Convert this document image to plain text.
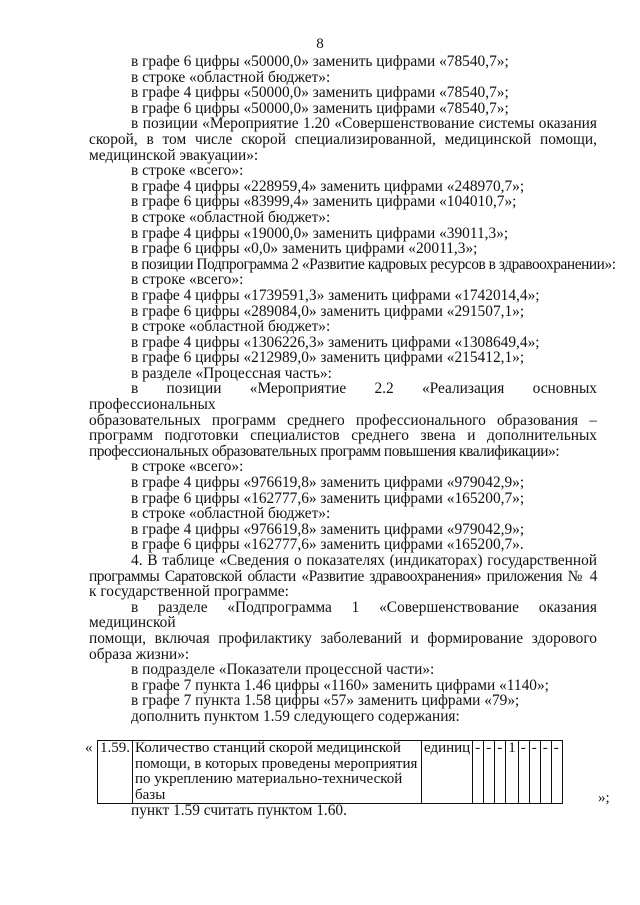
8
в графе 6 цифры «50000,0» заменить цифрами «78540,7»;
в строке «областной бюджет»:
в графе 4 цифры «50000,0» заменить цифрами «78540,7»;
в графе 6 цифры «50000,0» заменить цифрами «78540,7»;
в позиции «Мероприятие 1.20 «Совершенствование системы оказания
скорой, в том числе скорой специализированной, медицинской помощи,
медицинской эвакуации»:
в строке «всего»:
в графе 4 цифры «228959,4» заменить цифрами «248970,7»;
в графе 6 цифры «83999,4» заменить цифрами «104010,7»;
в строке «областной бюджет»:
в графе 4 цифры «19000,0» заменить цифрами «39011,3»;
в графе 6 цифры «0,0» заменить цифрами «20011,3»;
в позиции Подпрограмма 2 «Развитие кадровых ресурсов в здравоохранении»:
в строке «всего»:
в графе 4 цифры «1739591,3» заменить цифрами «1742014,4»;
в графе 6 цифры «289084,0» заменить цифрами «291507,1»;
в строке «областной бюджет»:
в графе 4 цифры «1306226,3» заменить цифрами «1308649,4»;
в графе 6 цифры «212989,0» заменить цифрами «215412,1»;
в разделе «Процессная часть»:
в позиции «Мероприятие 2.2 «Реализация основных профессиональных
образовательных программ среднего профессионального образования –
программ подготовки специалистов среднего звена и дополнительных
профессиональных образовательных программ повышения квалификации»:
в строке «всего»:
в графе 4 цифры «976619,8» заменить цифрами «979042,9»;
в графе 6 цифры «162777,6» заменить цифрами «165200,7»;
в строке «областной бюджет»:
в графе 4 цифры «976619,8» заменить цифрами «979042,9»;
в графе 6 цифры «162777,6» заменить цифрами «165200,7».
4. В таблице «Сведения о показателях (индикаторах) государственной
программы Саратовской области «Развитие здравоохранения» приложения № 4
к государственной программе:
в разделе «Подпрограмма 1 «Совершенствование оказания медицинской
помощи, включая профилактику заболеваний и формирование здорового
образа жизни»:
в подразделе «Показатели процессной части»:
в графе 7 пункта 1.46 цифры «1160» заменить цифрами «1140»;
в графе 7 пункта 1.58 цифры «57» заменить цифрами «79»;
дополнить пунктом 1.59 следующего содержания:
« 1.59.	Количество станций скорой медицинской
помощи, в которых проведены мероприятия
по укреплению материально-технической базы
	единиц	-	-	-	1	-	-	-	-
»;
пункт 1.59 считать пунктом 1.60.
